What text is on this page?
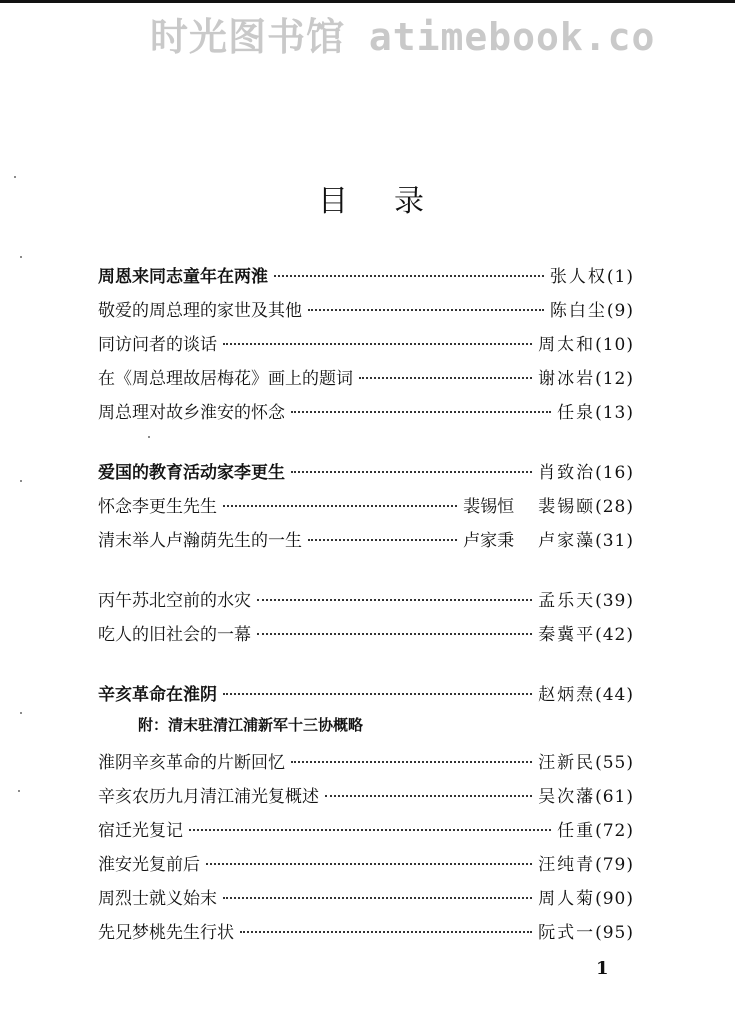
时光图书馆 atimebook.co
目录
周恩来同志童年在两淮	张人权 (1)
敬爱的周总理的家世及其他	陈白尘 (9)
同访问者的谈话	周太和 (10)
在《周总理故居梅花》画上的题词	谢冰岩 (12)
周总理对故乡淮安的怀念	任泉 (13)
爱国的教育活动家李更生	肖致治 (16)
怀念李更生先生	裴锡恒 裴锡颐 (28)
清末举人卢瀚荫先生的一生	卢家秉 卢家藻 (31)
丙午苏北空前的水灾	孟乐天 (39)
吃人的旧社会的一幕	秦冀平 (42)
辛亥革命在淮阴	赵炳焘 (44)
附：清末驻清江浦新军十三协概略
淮阴辛亥革命的片断回忆	汪新民 (55)
辛亥农历九月清江浦光复概述	吴次藩 (61)
宿迁光复记	任重 (72)
淮安光复前后	汪纯青 (79)
周烈士就义始末	周人菊 (90)
先兄梦桃先生行状	阮式一 (95)
1
